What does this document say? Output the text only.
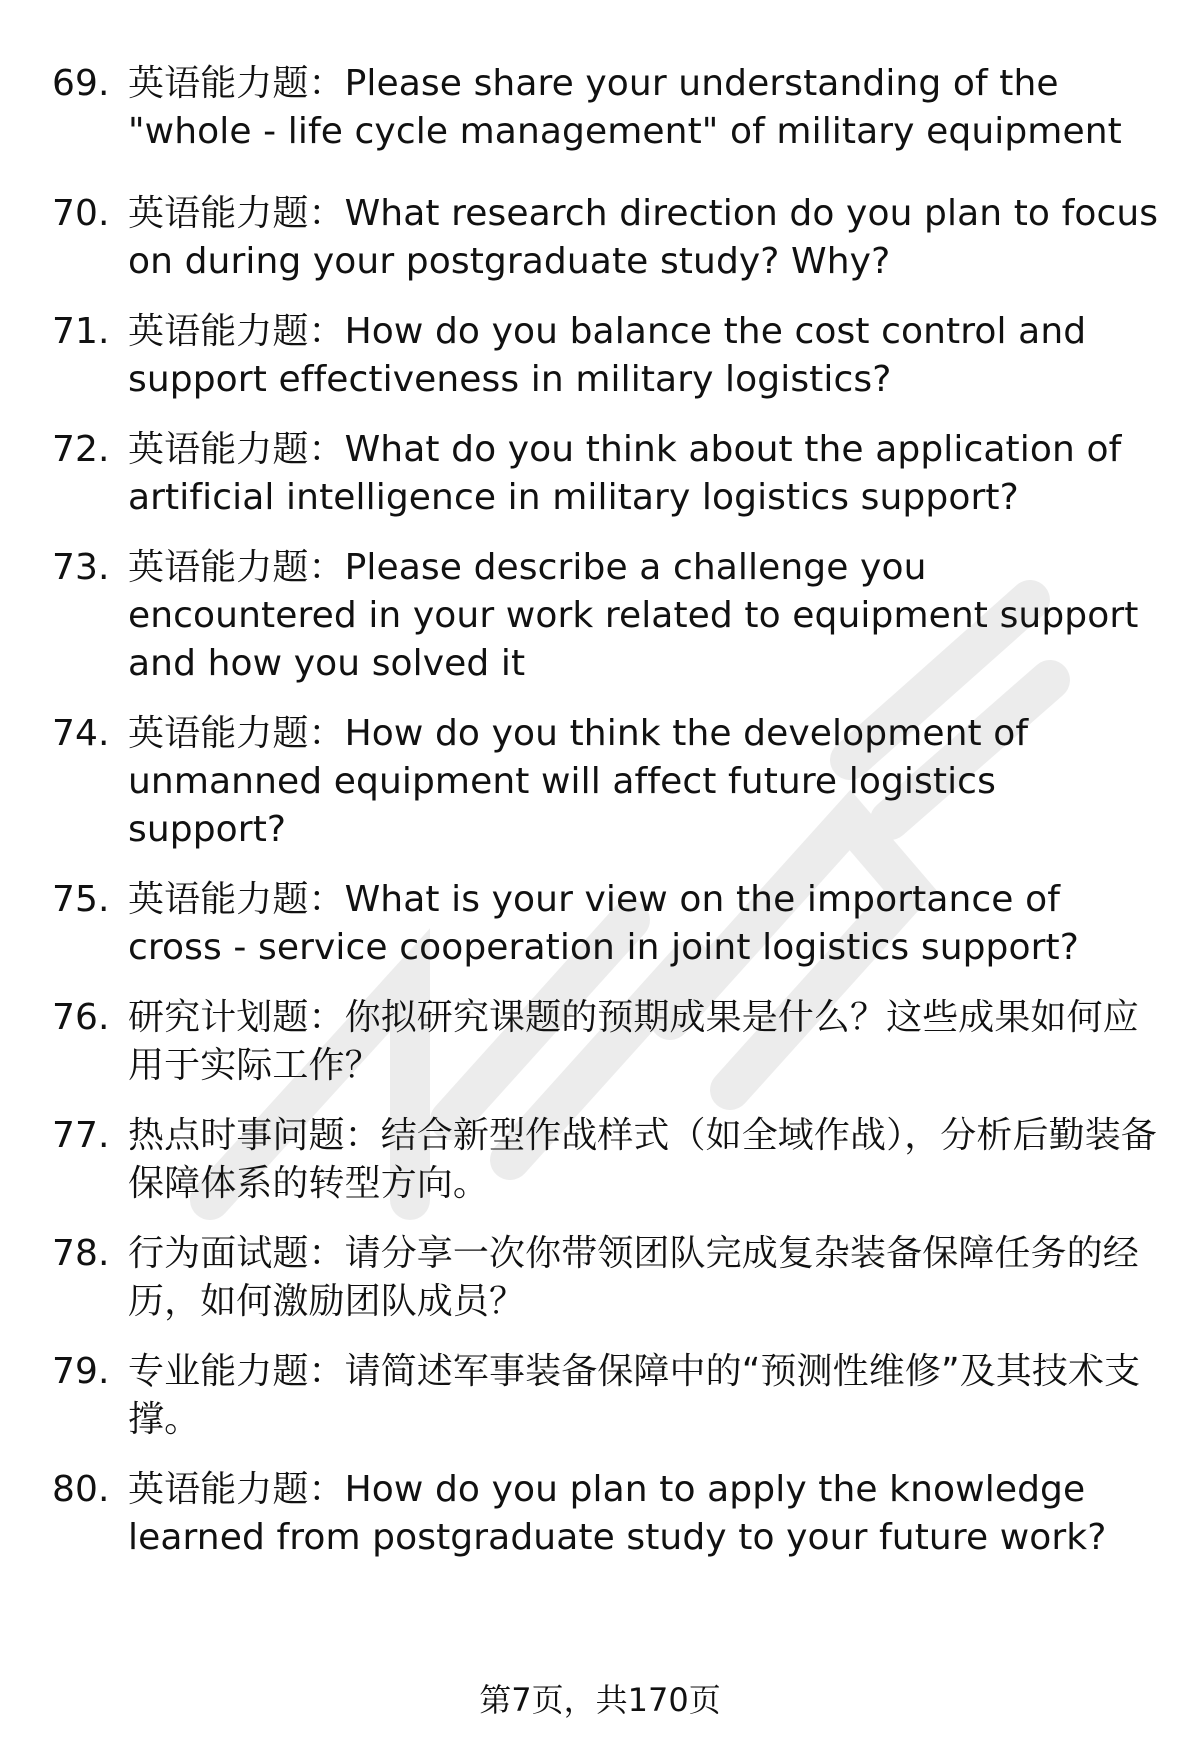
69. 英语能力题：Please share your understanding of the "whole - life cycle management" of military equipment
70. 英语能力题：What research direction do you plan to focus on during your postgraduate study? Why?
71. 英语能力题：How do you balance the cost control and support effectiveness in military logistics?
72. 英语能力题：What do you think about the application of artificial intelligence in military logistics support?
73. 英语能力题：Please describe a challenge you encountered in your work related to equipment support and how you solved it
74. 英语能力题：How do you think the development of unmanned equipment will affect future logistics support?
75. 英语能力题：What is your view on the importance of cross - service cooperation in joint logistics support?
76. 研究计划题：你拟研究课题的预期成果是什么？这些成果如何应用于实际工作？
77. 热点时事问题：结合新型作战样式（如全域作战），分析后勤装备保障体系的转型方向。
78. 行为面试题：请分享一次你带领团队完成复杂装备保障任务的经历，如何激励团队成员？
79. 专业能力题：请简述军事装备保障中的“预测性维修”及其技术支撑。
80. 英语能力题：How do you plan to apply the knowledge learned from postgraduate study to your future work?
第7页，共170页
